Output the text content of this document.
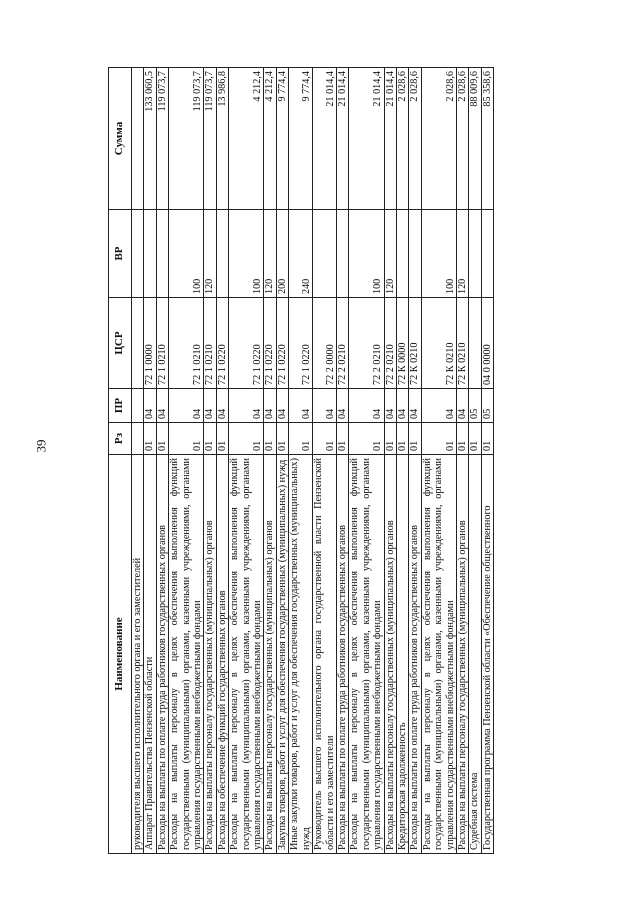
39
Наименование	Рз	ПР	ЦСР	ВР	Сумма
руководителя высшего исполнительного органа и его заместителей					
Аппарат Правительства Пензенской области	01	04	72 1 0000		133 060,5
Расходы на выплаты по оплате труда работников государственных органов	01	04	72 1 0210		119 073,7
Расходы на выплаты персоналу в целях обеспечения выполнения функций государственными (муниципальными) органами, казенными учреждениями, органами управления государственными внебюджетными фондами	01	04	72 1 0210	100	119 073,7
Расходы на выплаты персоналу государственных (муниципальных) органов	01	04	72 1 0210	120	119 073,7
Расходы на обеспечение функций государственных органов	01	04	72 1 0220		13 986,8
Расходы на выплаты персоналу в целях обеспечения выполнения функций государственными (муниципальными) органами, казенными учреждениями, органами управления государственными внебюджетными фондами	01	04	72 1 0220	100	4 212,4
Расходы на выплаты персоналу государственных (муниципальных) органов	01	04	72 1 0220	120	4 212,4
Закупка товаров, работ и услуг для обеспечения государственных (муниципальных) нужд	01	04	72 1 0220	200	9 774,4
Иные закупки товаров, работ и услуг для обеспечения государственных (муниципальных) нужд	01	04	72 1 0220	240	9 774,4
Руководитель высшего исполнительного органа государственной власти Пензенской области и его заместители	01	04	72 2 0000		21 014,4
Расходы на выплаты по оплате труда работников государственных органов	01	04	72 2 0210		21 014,4
Расходы на выплаты персоналу в целях обеспечения выполнения функций государственными (муниципальными) органами, казенными учреждениями, органами управления государственными внебюджетными фондами	01	04	72 2 0210	100	21 014,4
Расходы на выплаты персоналу государственных (муниципальных) органов	01	04	72 2 0210	120	21 014,4
Кредиторская задолженность	01	04	72 К 0000		2 028,6
Расходы на выплаты по оплате труда работников государственных органов	01	04	72 К 0210		2 028,6
Расходы на выплаты персоналу в целях обеспечения выполнения функций государственными (муниципальными) органами, казенными учреждениями, органами управления государственными внебюджетными фондами	01	04	72 К 0210	100	2 028,6
Расходы на выплаты персоналу государственных (муниципальных) органов	01	04	72 К 0210	120	2 028,6
Судебная система	01	05			88 009,6
Государственная программа Пензенской области «Обеспечение общественного	01	05	04 0 0000		85 358,6
